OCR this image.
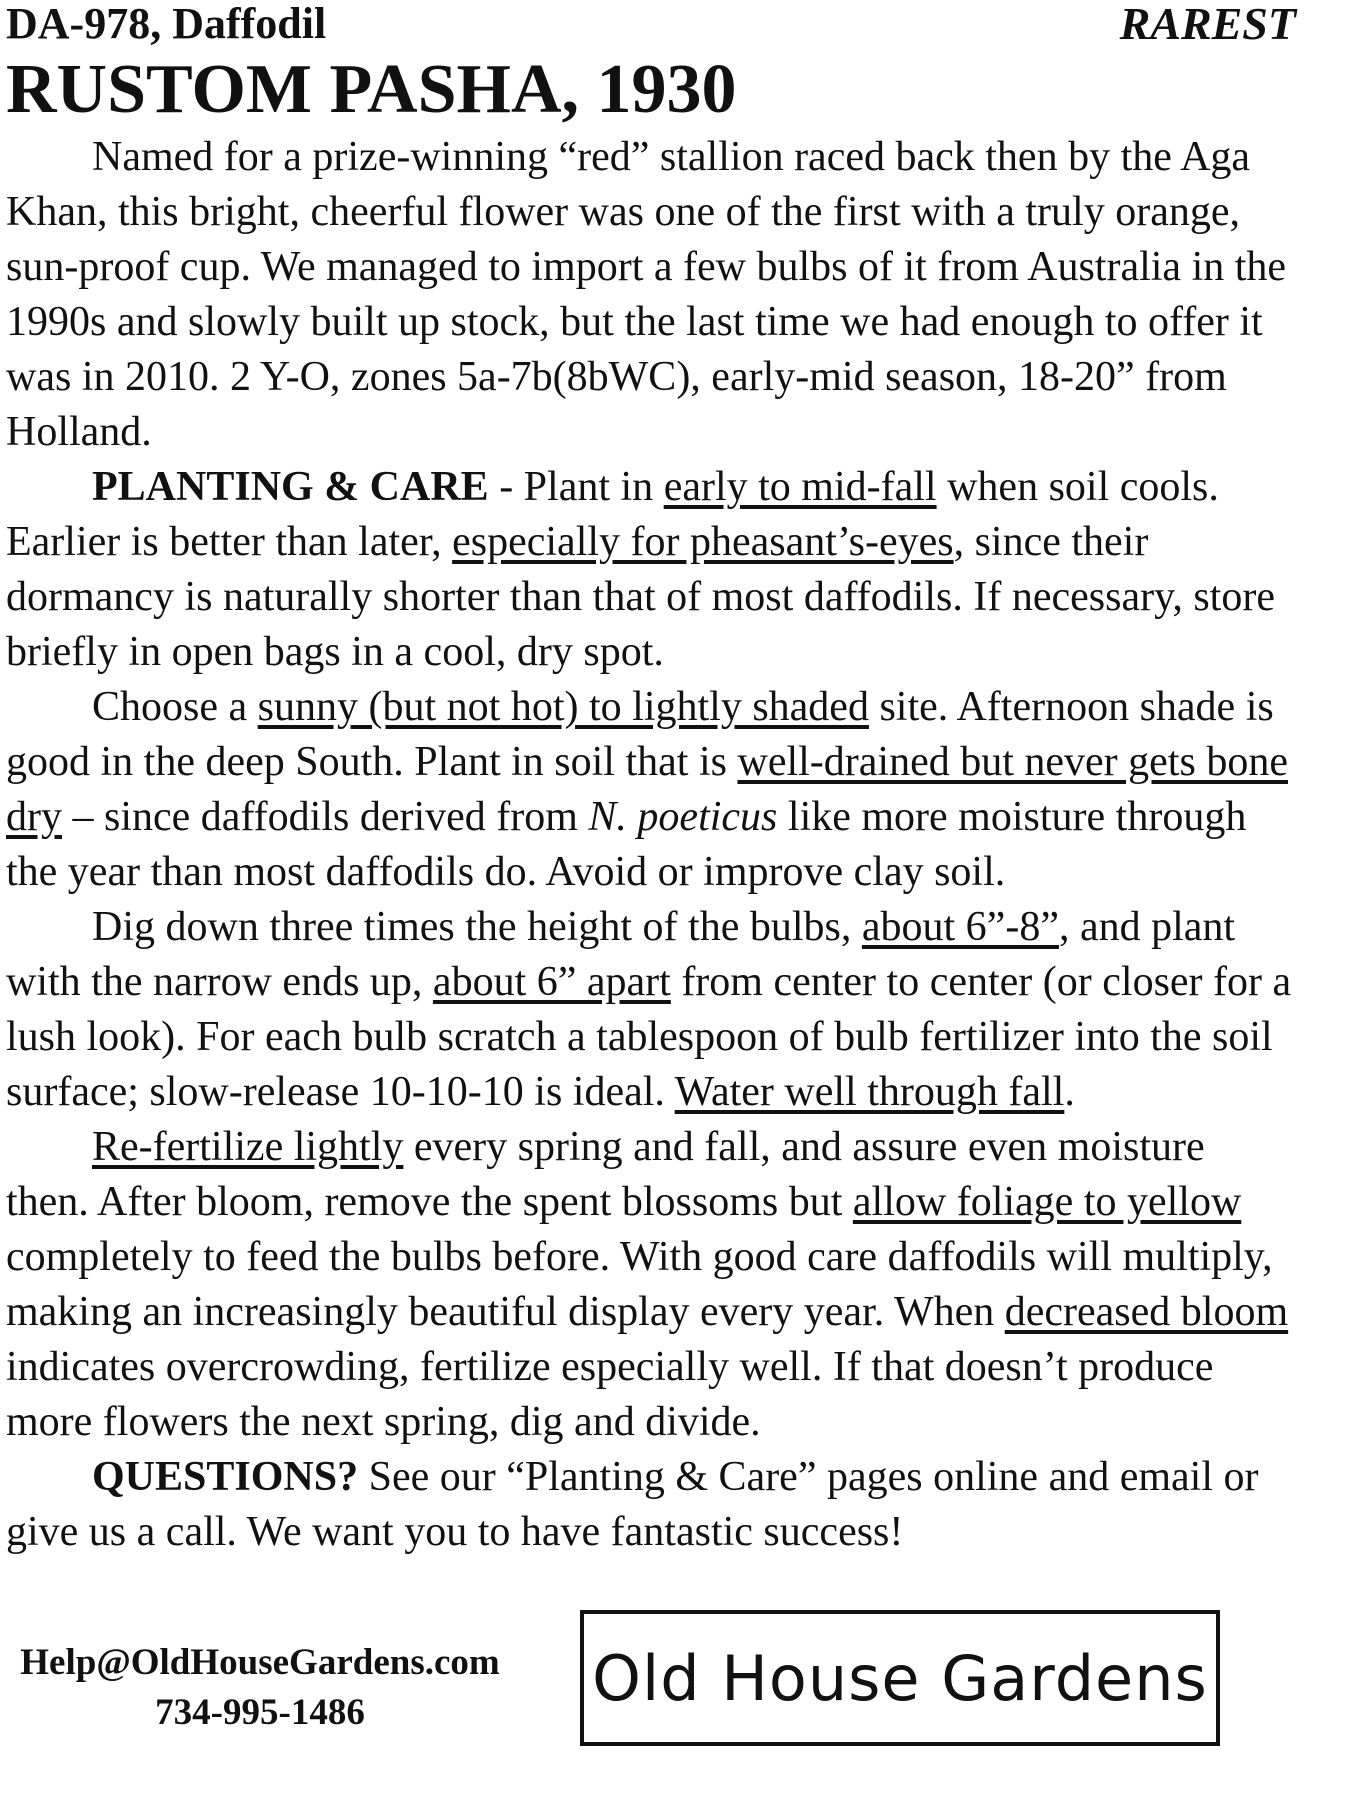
DA-978, Daffodil	RAREST
RUSTOM PASHA, 1930

Named for a prize-winning “red” stallion raced back then by the Aga Khan, this bright, cheerful flower was one of the first with a truly orange, sun-proof cup. We managed to import a few bulbs of it from Australia in the 1990s and slowly built up stock, but the last time we had enough to offer it was in 2010. 2 Y-O, zones 5a-7b(8bWC), early-mid season, 18-20” from Holland.

PLANTING & CARE - Plant in early to mid-fall when soil cools. Earlier is better than later, especially for pheasant’s-eyes, since their dormancy is naturally shorter than that of most daffodils. If necessary, store briefly in open bags in a cool, dry spot.

Choose a sunny (but not hot) to lightly shaded site. Afternoon shade is good in the deep South. Plant in soil that is well-drained but never gets bone dry – since daffodils derived from N. poeticus like more moisture through the year than most daffodils do. Avoid or improve clay soil.

Dig down three times the height of the bulbs, about 6”-8”, and plant with the narrow ends up, about 6” apart from center to center (or closer for a lush look). For each bulb scratch a tablespoon of bulb fertilizer into the soil surface; slow-release 10-10-10 is ideal. Water well through fall.

Re-fertilize lightly every spring and fall, and assure even moisture then. After bloom, remove the spent blossoms but allow foliage to yellow completely to feed the bulbs before. With good care daffodils will multiply, making an increasingly beautiful display every year. When decreased bloom indicates overcrowding, fertilize especially well. If that doesn’t produce more flowers the next spring, dig and divide.

QUESTIONS? See our “Planting & Care” pages online and email or give us a call. We want you to have fantastic success!

Help@OldHouseGardens.com
734-995-1486	Old House Gardens
